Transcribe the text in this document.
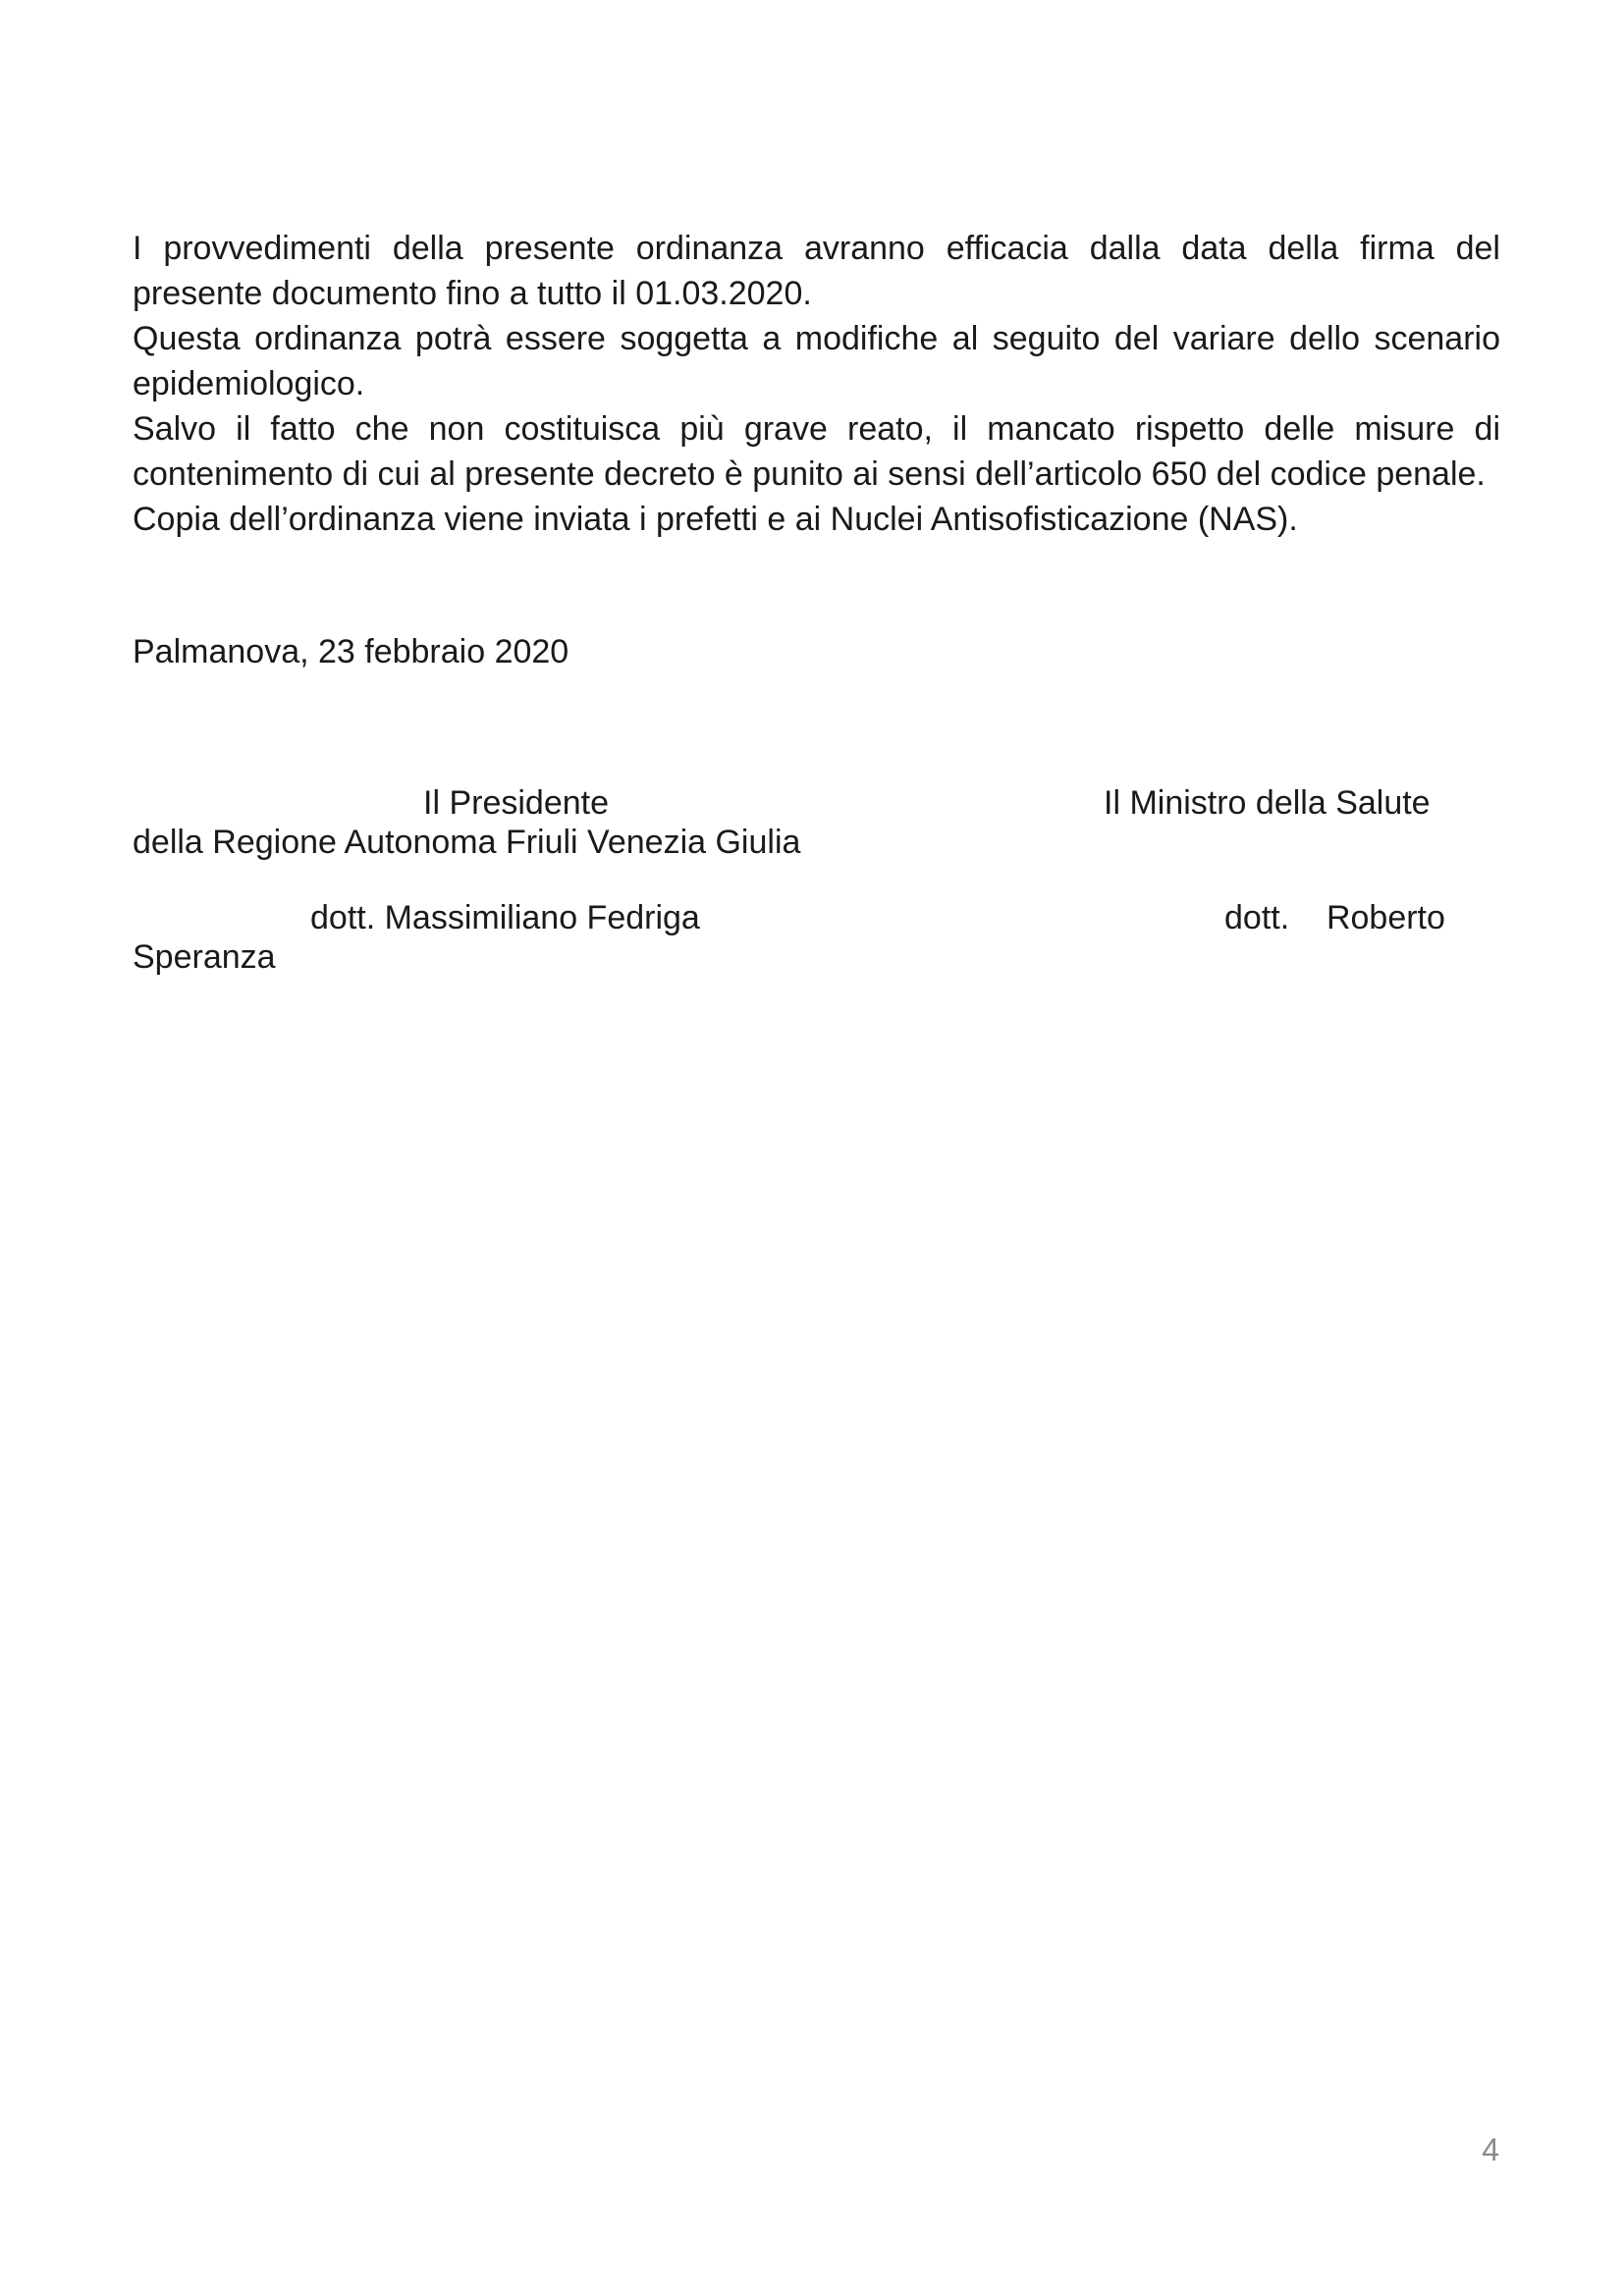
I provvedimenti della presente ordinanza avranno efficacia dalla data della firma del presente documento fino a tutto il 01.03.2020.

Questa ordinanza potrà essere soggetta a modifiche al seguito del variare dello scenario epidemiologico.

Salvo il fatto che non costituisca più grave reato, il mancato rispetto delle misure di contenimento di cui al presente decreto è punito ai sensi dell’articolo 650 del codice penale.

Copia dell’ordinanza viene inviata i prefetti e ai Nuclei Antisofisticazione (NAS).

Palmanova, 23 febbraio 2020
Il Presidente
della Regione Autonoma Friuli Venezia Giulia
dott. Massimiliano Fedriga
Il Ministro della Salute
dott.    Roberto
Speranza
4
